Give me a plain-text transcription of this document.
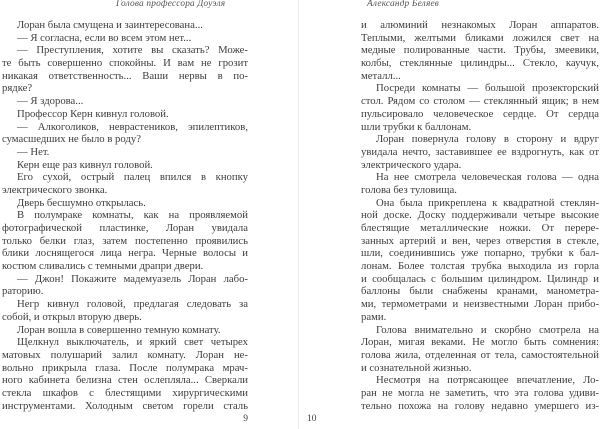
Голова профессора Доуэля
Лоран была смущена и заинтересована...
— Я согласна, если во всем этом нет...
— Преступления, хотите вы сказать? Може-
те быть совершенно спокойны. И вам не грозит
никакая ответственность... Ваши нервы в по-
рядке?
— Я здорова...
Профессор Керн кивнул головой.
— Алкоголиков, неврастеников, эпилептиков,
сумасшедших не было в роду?
— Нет.
Керн еще раз кивнул головой.
Его сухой, острый палец впился в кнопку
электрического звонка.
Дверь бесшумно открылась.
В полумраке комнаты, как на проявляемой
фотографической пластинке, Лоран увидала
только белки глаз, затем постепенно проявились
блики лоснящегося лица негра. Черные волосы и
костюм сливались с темными драпри двери.
— Джон! Покажите мадемуазель Лоран лабо-
раторию.
Негр кивнул головой, предлагая следовать за
собой, и открыл вторую дверь.
Лоран вошла в совершенно темную комнату.
Щелкнул выключатель, и яркий свет четырех
матовых полушарий залил комнату. Лоран не-
вольно прикрыла глаза. После полумрака мрач-
ного кабинета белизна стен ослепляла... Сверкали
стекла шкафов с блестящими хирургическими
инструментами. Холодным светом горели сталь
9
Александр Беляев
и алюминий незнакомых Лоран аппаратов.
Теплыми, желтыми бликами ложился свет на
медные полированные части. Трубы, змеевики,
колбы, стеклянные цилиндры... Стекло, каучук,
металл...
Посреди комнаты — большой прозекторский
стол. Рядом со столом — стеклянный ящик; в нем
пульсировало человеческое сердце. От сердца
шли трубки к баллонам.
Лоран повернула голову в сторону и вдруг
увидала нечто, заставившее ее вздрогнуть, как от
электрического удара.
На нее смотрела человеческая голова — одна
голова без туловища.
Она была прикреплена к квадратной стеклян-
ной доске. Доску поддерживали четыре высокие
блестящие металлические ножки. От перере-
занных артерий и вен, через отверстия в стекле,
шли, соединившись уже попарно, трубки к бал-
лонам. Более толстая трубка выходила из горла
и сообщалась с большим цилиндром. Цилиндр и
баллоны были снабжены кранами, манометра-
ми, термометрами и неизвестными Лоран прибо-
рами.
Голова внимательно и скорбно смотрела на
Лоран, мигая веками. Не могло быть сомнения:
голова жила, отделенная от тела, самостоятельной
и сознательной жизнью.
Несмотря на потрясающее впечатление, Ло-
ран не могла не заметить, что эта голова удиви-
тельно похожа на голову недавно умершего из-
10
